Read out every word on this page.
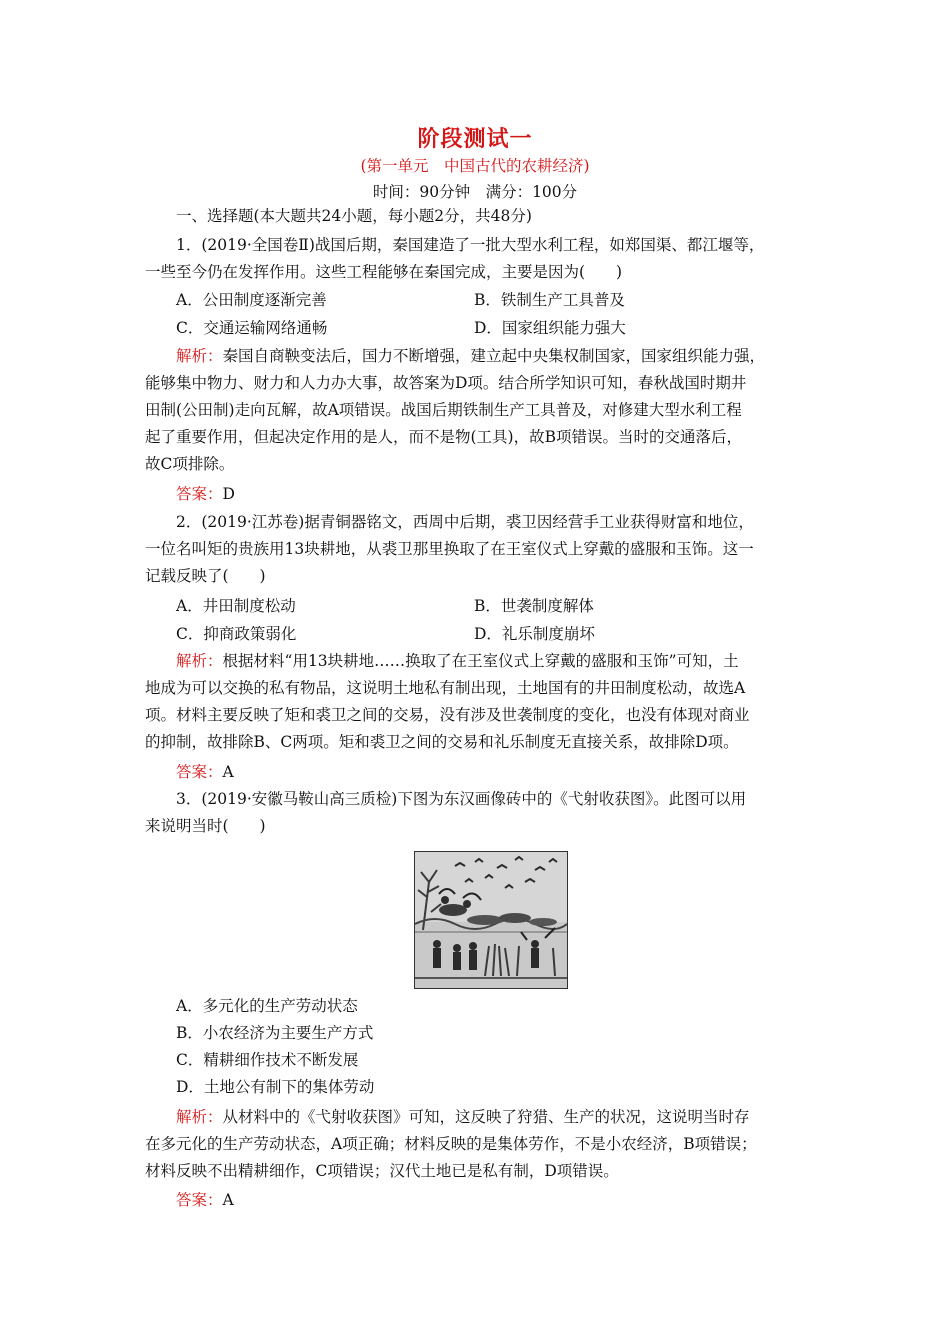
阶段测试一
(第一单元　中国古代的农耕经济)
时间：90分钟　满分：100分
一、选择题(本大题共24小题，每小题2分，共48分)
1．(2019·全国卷Ⅱ)战国后期，秦国建造了一批大型水利工程，如郑国渠、都江堰等，
一些至今仍在发挥作用。这些工程能够在秦国完成，主要是因为(　　)
A．公田制度逐渐完善	B．铁制生产工具普及
C．交通运输网络通畅	D．国家组织能力强大
解析：秦国自商鞅变法后，国力不断增强，建立起中央集权制国家，国家组织能力强，
能够集中物力、财力和人力办大事，故答案为D项。结合所学知识可知，春秋战国时期井
田制(公田制)走向瓦解，故A项错误。战国后期铁制生产工具普及，对修建大型水利工程
起了重要作用，但起决定作用的是人，而不是物(工具)，故B项错误。当时的交通落后，
故C项排除。
答案：D
2．(2019·江苏卷)据青铜器铭文，西周中后期，裘卫因经营手工业获得财富和地位，
一位名叫矩的贵族用13块耕地，从裘卫那里换取了在王室仪式上穿戴的盛服和玉饰。这一
记载反映了(　　)
A．井田制度松动	B．世袭制度解体
C．抑商政策弱化	D．礼乐制度崩坏
解析：根据材料“用13块耕地……换取了在王室仪式上穿戴的盛服和玉饰”可知，土
地成为可以交换的私有物品，这说明土地私有制出现，土地国有的井田制度松动，故选A
项。材料主要反映了矩和裘卫之间的交易，没有涉及世袭制度的变化，也没有体现对商业
的抑制，故排除B、C两项。矩和裘卫之间的交易和礼乐制度无直接关系，故排除D项。
答案：A
3．(2019·安徽马鞍山高三质检)下图为东汉画像砖中的《弋射收获图》。此图可以用
来说明当时(　　)
A．多元化的生产劳动状态
B．小农经济为主要生产方式
C．精耕细作技术不断发展
D．土地公有制下的集体劳动
解析：从材料中的《弋射收获图》可知，这反映了狩猎、生产的状况，这说明当时存
在多元化的生产劳动状态，A项正确；材料反映的是集体劳作，不是小农经济，B项错误；
材料反映不出精耕细作，C项错误；汉代土地已是私有制，D项错误。
答案：A
